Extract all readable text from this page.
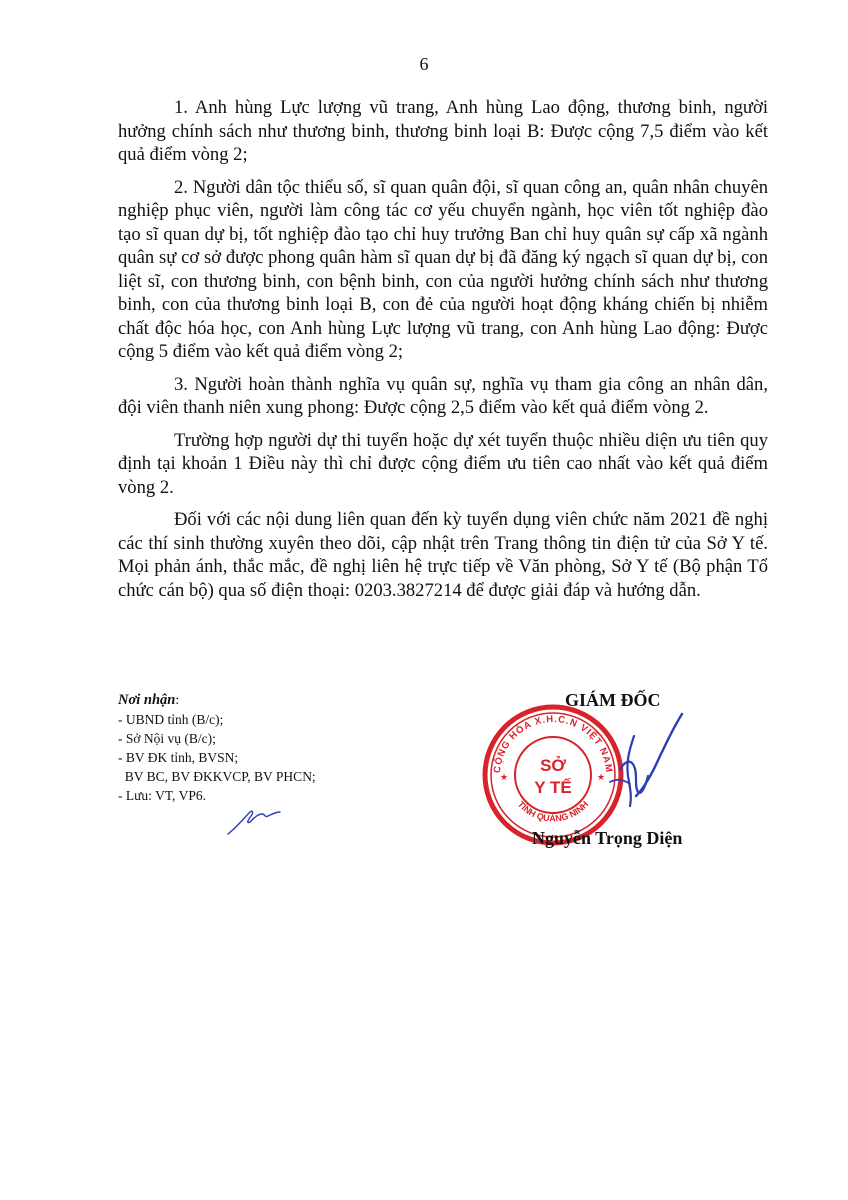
6

1. Anh hùng Lực lượng vũ trang, Anh hùng Lao động, thương binh, người hưởng chính sách như thương binh, thương binh loại B: Được cộng 7,5 điểm vào kết quả điểm vòng 2;

2. Người dân tộc thiểu số, sĩ quan quân đội, sĩ quan công an, quân nhân chuyên nghiệp phục viên, người làm công tác cơ yếu chuyển ngành, học viên tốt nghiệp đào tạo sĩ quan dự bị, tốt nghiệp đào tạo chỉ huy trưởng Ban chỉ huy quân sự cấp xã ngành quân sự cơ sở được phong quân hàm sĩ quan dự bị đã đăng ký ngạch sĩ quan dự bị, con liệt sĩ, con thương binh, con bệnh binh, con của người hưởng chính sách như thương binh, con của thương binh loại B, con đẻ của người hoạt động kháng chiến bị nhiễm chất độc hóa học, con Anh hùng Lực lượng vũ trang, con Anh hùng Lao động: Được cộng 5 điểm vào kết quả điểm vòng 2;

3. Người hoàn thành nghĩa vụ quân sự, nghĩa vụ tham gia công an nhân dân, đội viên thanh niên xung phong: Được cộng 2,5 điểm vào kết quả điểm vòng 2.

Trường hợp người dự thi tuyển hoặc dự xét tuyển thuộc nhiều diện ưu tiên quy định tại khoản 1 Điều này thì chỉ được cộng điểm ưu tiên cao nhất vào kết quả điểm vòng 2.

Đối với các nội dung liên quan đến kỳ tuyển dụng viên chức năm 2021 đề nghị các thí sinh thường xuyên theo dõi, cập nhật trên Trang thông tin điện tử của Sở Y tế. Mọi phản ánh, thắc mắc, đề nghị liên hệ trực tiếp về Văn phòng, Sở Y tế (Bộ phận Tổ chức cán bộ) qua số điện thoại: 0203.3827214 để được giải đáp và hướng dẫn.

Nơi nhận:
- UBND tỉnh (B/c);
- Sở Nội vụ (B/c);
- BV ĐK tỉnh, BVSN;
BV BC, BV ĐKKVCP, BV PHCN;
- Lưu: VT, VP6.
GIÁM ĐỐC
CỘNG HÒA X.H.C.N VIỆT NAM
TỈNH QUẢNG NINH
★	★
SỞ
Y TẾ
Nguyễn Trọng Diện
